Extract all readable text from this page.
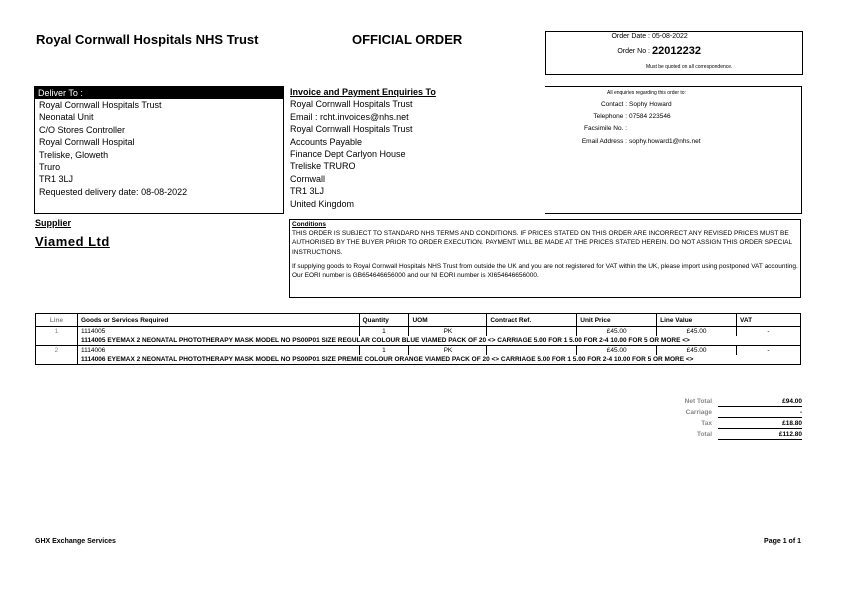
Royal Cornwall Hospitals NHS Trust	OFFICIAL ORDER	Order Date : 05-08-2022
Order No : 22012232
Must be quoted on all correspondence.
Deliver To :
Royal Cornwall Hospitals Trust
Neonatal Unit
C/O Stores Controller
Royal Cornwall Hospital
Treliske, Gloweth
Truro
TR1 3LJ
Requested delivery date: 08-08-2022
Invoice and Payment Enquiries To
Royal Cornwall Hospitals Trust
Email : rcht.invoices@nhs.net
Royal Cornwall Hospitals Trust
Accounts Payable
Finance Dept Carlyon House
Treliske TRURO
Cornwall
TR1 3LJ
United Kingdom
All enquiries regarding this order to:
Contact : Sophy Howard
Telephone : 07584 223546
Facsimile No. :
Email Address : sophy.howard1@nhs.net
Supplier
Viamed Ltd
Conditions

THIS ORDER IS SUBJECT TO STANDARD NHS TERMS AND CONDITIONS. IF PRICES STATED ON THIS ORDER ARE INCORRECT ANY REVISED PRICES MUST BE AUTHORISED BY THE BUYER PRIOR TO ORDER EXECUTION. PAYMENT WILL BE MADE AT THE PRICES STATED HEREIN. DO NOT ASSIGN THIS ORDER SPECIAL INSTRUCTIONS.

If supplying goods to Royal Cornwall Hospitals NHS Trust from outside the UK and you are not registered for VAT within the UK, please import using postponed VAT accounting. Our EORI number is GB654646656000 and our NI EORI number is XI654646656000.

Line	Goods or Services Required	Quantity	UOM	Contract Ref.	Unit Price	Line Value	VAT
1	1114005	1	PK		£45.00	£45.00	-
	1114005 EYEMAX 2 NEONATAL PHOTOTHERAPY MASK MODEL NO PS00P01 SIZE REGULAR COLOUR BLUE VIAMED PACK OF 20 <> CARRIAGE 5.00 FOR 1 5.00 FOR 2-4 10.00 FOR 5 OR MORE <>						
2	1114006	1	PK		£45.00	£45.00	-
	1114006 EYEMAX 2 NEONATAL PHOTOTHERAPY MASK MODEL NO PS00P01 SIZE PREMIE COLOUR ORANGE VIAMED PACK OF 20 <> CARRIAGE 5.00 FOR 1 5.00 FOR 2-4 10.00 FOR 5 OR MORE <>						
Net Total	£94.00
Carriage	-
Tax	£18.80
Total	£112.80
GHX Exchange Services	Page 1 of 1
